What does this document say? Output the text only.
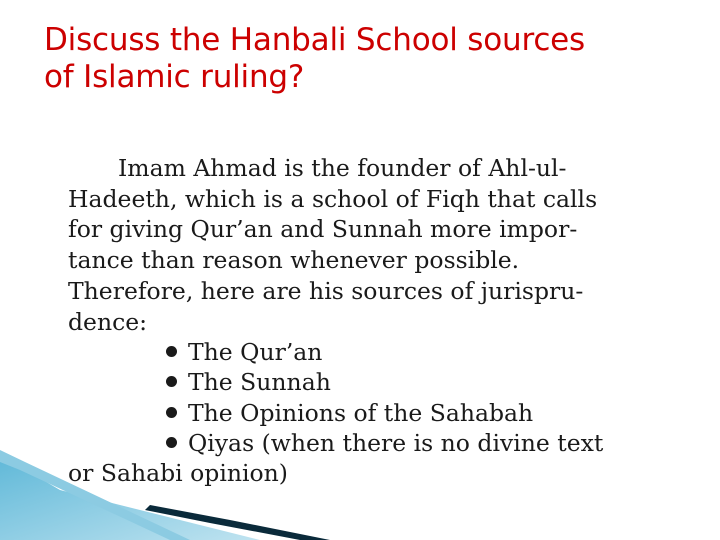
Discuss the Hanbali School sources
of Islamic ruling?
Imam Ahmad is the founder of Ahl-ul-
Hadeeth, which is a school of Fiqh that calls
for giving Qur’an and Sunnah more impor-
tance than reason whenever possible.
Therefore, here are his sources of jurispru-
dence:
The Qur’an
The Sunnah
The Opinions of the Sahabah
Qiyas (when there is no divine text
or Sahabi opinion)
